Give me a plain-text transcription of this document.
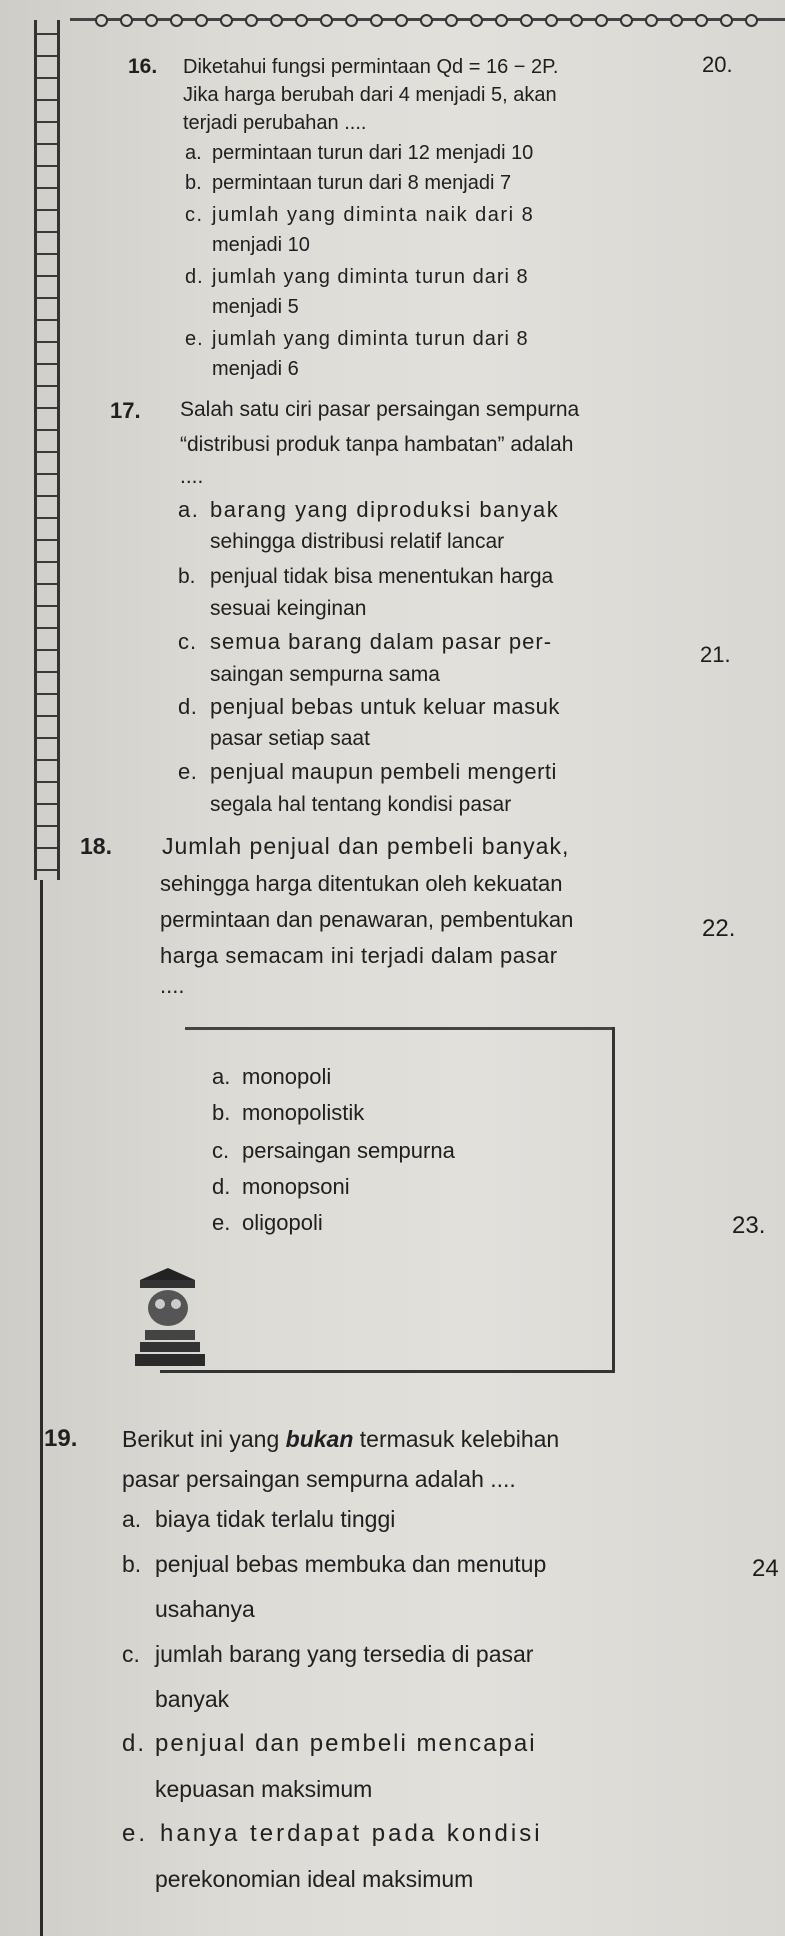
20.
21.
22.
23.
24
16. Diketahui fungsi permintaan Qd = 16 − 2P.
Jika harga berubah dari 4 menjadi 5, akan
terjadi perubahan ....
a. permintaan turun dari 12 menjadi 10
b. permintaan turun dari 8 menjadi 7
c. jumlah yang diminta naik dari 8
menjadi 10
d. jumlah yang diminta turun dari 8
menjadi 5
e. jumlah yang diminta turun dari 8
menjadi 6
17. Salah satu ciri pasar persaingan sempurna
“distribusi produk tanpa hambatan” adalah
....
a. barang yang diproduksi banyak
sehingga distribusi relatif lancar
b. penjual tidak bisa menentukan harga
sesuai keinginan
c. semua barang dalam pasar per-
saingan sempurna sama
d. penjual bebas untuk keluar masuk
pasar setiap saat
e. penjual maupun pembeli mengerti
segala hal tentang kondisi pasar
18. Jumlah penjual dan pembeli banyak,
sehingga harga ditentukan oleh kekuatan
permintaan dan penawaran, pembentukan
harga semacam ini terjadi dalam pasar
....
a. monopoli
b. monopolistik
c. persaingan sempurna
d. monopsoni
e. oligopoli
19. Berikut ini yang bukan termasuk kelebihan
pasar persaingan sempurna adalah ....
a. biaya tidak terlalu tinggi
b. penjual bebas membuka dan menutup
usahanya
c. jumlah barang yang tersedia di pasar
banyak
d. penjual dan pembeli mencapai
kepuasan maksimum
e. hanya terdapat pada kondisi
perekonomian ideal maksimum
